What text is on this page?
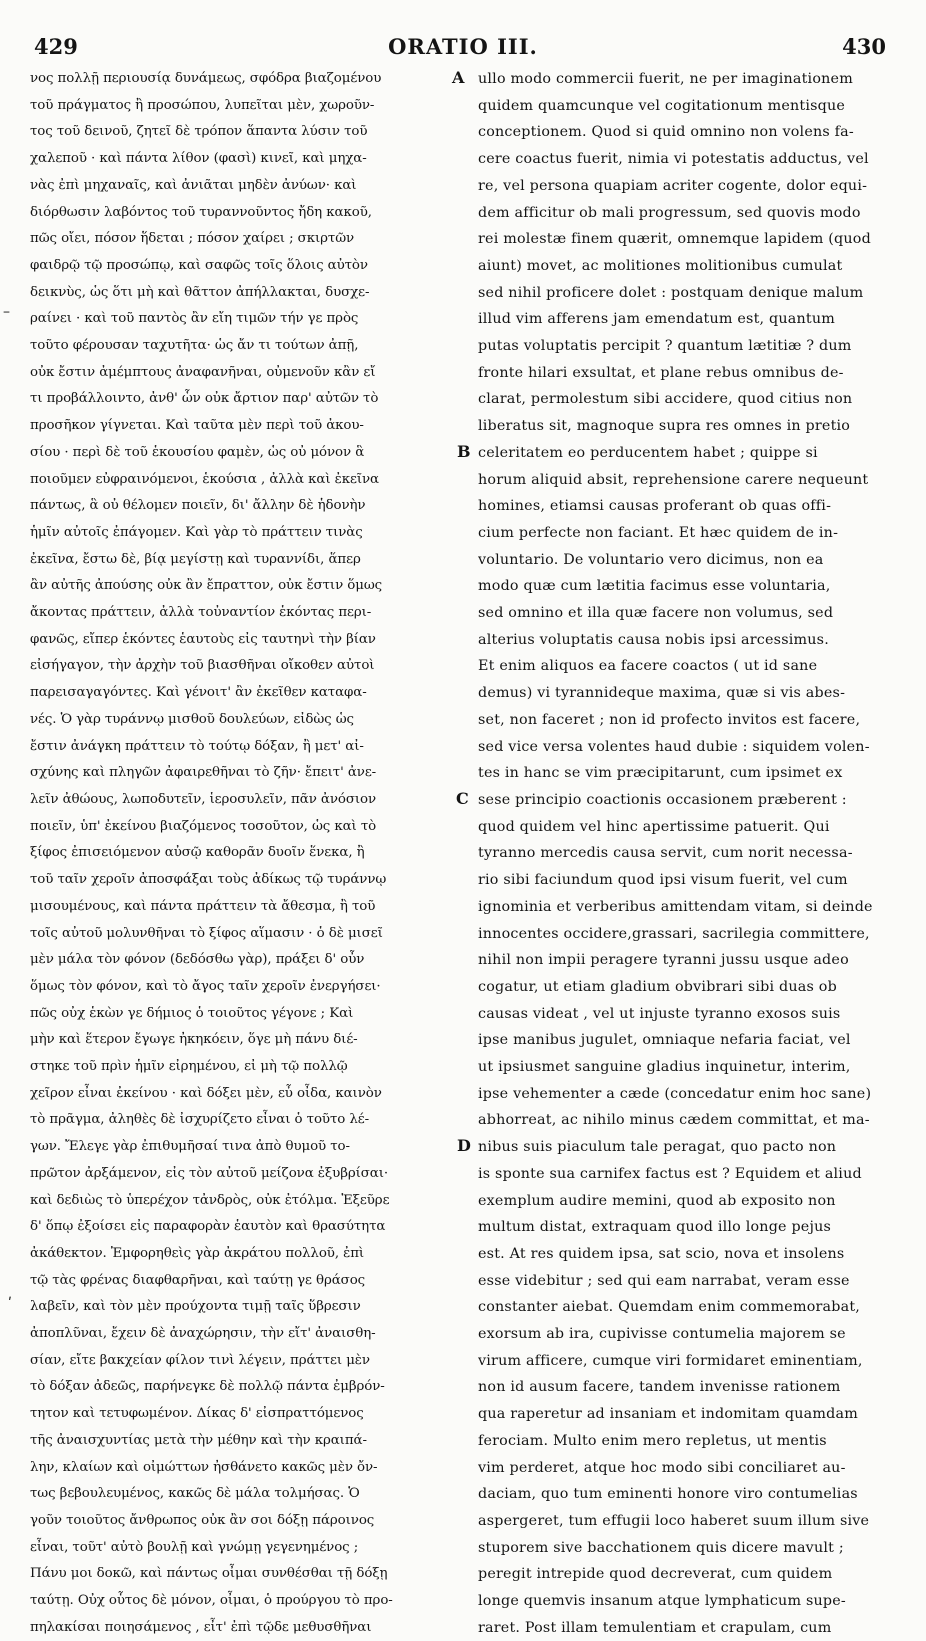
429	ORATIO III.	430
νος πολλῇ περιουσίᾳ δυνάμεως, σφόδρα βιαζομένου
τοῦ πράγματος ἢ προσώπου, λυπεῖται μὲν, χωροῦν-
τος τοῦ δεινοῦ, ζητεῖ δὲ τρόπον ἅπαντα λύσιν τοῦ
χαλεποῦ · καὶ πάντα λίθον (φασὶ) κινεῖ, καὶ μηχα-
νὰς ἐπὶ μηχαναῖς, καὶ ἀνιᾶται μηδὲν ἀνύων· καὶ
διόρθωσιν λαβόντος τοῦ τυραννοῦντος ἤδη κακοῦ,
πῶς οἴει, πόσον ἥδεται ; πόσον χαίρει ; σκιρτῶν
φαιδρῷ τῷ προσώπῳ, καὶ σαφῶς τοῖς ὅλοις αὐτὸν
δεικνὺς, ὡς ὅτι μὴ καὶ θᾶττον ἀπήλλακται, δυσχε-
ραίνει · καὶ τοῦ παντὸς ἂν εἴη τιμῶν τήν γε πρὸς
τοῦτο φέρουσαν ταχυτῆτα· ὡς ἄν τι τούτων ἀπῇ,
οὐκ ἔστιν ἀμέμπτους ἀναφανῆναι, οὐμενοῦν κἂν εἴ
τι προβάλλοιντο, ἀνθ' ὧν οὐκ ἄρτιον παρ' αὐτῶν τὸ
προσῆκον γίγνεται. Καὶ ταῦτα μὲν περὶ τοῦ ἀκου-
σίου · περὶ δὲ τοῦ ἑκουσίου φαμὲν, ὡς οὐ μόνον ἃ
ποιοῦμεν εὐφραινόμενοι, ἑκούσια , ἀλλὰ καὶ ἐκεῖνα
πάντως, ἃ οὐ θέλομεν ποιεῖν, δι' ἄλλην δὲ ἡδονὴν
ἡμῖν αὐτοῖς ἐπάγομεν. Καὶ γὰρ τὸ πράττειν τινὰς
ἐκεῖνα, ἔστω δὲ, βίᾳ μεγίστῃ καὶ τυραννίδι, ἅπερ
ἂν αὐτῆς ἀπούσης οὐκ ἂν ἔπραττον, οὐκ ἔστιν ὅμως
ἄκοντας πράττειν, ἀλλὰ τοὐναντίον ἑκόντας περι-
φανῶς, εἴπερ ἑκόντες ἑαυτοὺς εἰς ταυτηνὶ τὴν βίαν
εἰσήγαγον, τὴν ἀρχὴν τοῦ βιασθῆναι οἴκοθεν αὐτοὶ
παρεισαγαγόντες. Καὶ γένοιτ' ἂν ἐκεῖθεν καταφα-
νές. Ὁ γὰρ τυράννῳ μισθοῦ δουλεύων, εἰδὼς ὡς
ἔστιν ἀνάγκη πράττειν τὸ τούτῳ δόξαν, ἢ μετ' αἰ-
σχύνης καὶ πληγῶν ἀφαιρεθῆναι τὸ ζῆν· ἔπειτ' ἀνε-
λεῖν ἀθώους, λωποδυτεῖν, ἱεροσυλεῖν, πᾶν ἀνόσιον
ποιεῖν, ὑπ' ἐκείνου βιαζόμενος τοσοῦτον, ὡς καὶ τὸ
ξίφος ἐπισειόμενον αὐσῷ καθορᾶν δυοῖν ἕνεκα, ἢ
τοῦ ταῖν χεροῖν ἀποσφάξαι τοὺς ἀδίκως τῷ τυράννῳ
μισουμένους, καὶ πάντα πράττειν τὰ ἄθεσμα, ἢ τοῦ
τοῖς αὐτοῦ μολυνθῆναι τὸ ξίφος αἵμασιν · ὁ δὲ μισεῖ
μὲν μάλα τὸν φόνον (δεδόσθω γὰρ), πράξει δ' οὖν
ὅμως τὸν φόνον, καὶ τὸ ἄγος ταῖν χεροῖν ἐνεργήσει·
πῶς οὐχ ἑκὼν γε δήμιος ὁ τοιοῦτος γέγονε ; Καὶ
μὴν καὶ ἕτερον ἔγωγε ἠκηκόειν, ὅγε μὴ πάνυ διέ-
στηκε τοῦ πρὶν ἡμῖν εἰρημένου, εἰ μὴ τῷ πολλῷ
χεῖρον εἶναι ἐκείνου · καὶ δόξει μὲν, εὖ οἶδα, καινὸν
τὸ πρᾶγμα, ἀληθὲς δὲ ἰσχυρίζετο εἶναι ὁ τοῦτο λέ-
γων. Ἔλεγε γὰρ ἐπιθυμῆσαί τινα ἀπὸ θυμοῦ το-
πρῶτον ἀρξάμενον, εἰς τὸν αὐτοῦ μείζονα ἐξυβρίσαι·
καὶ δεδιὼς τὸ ὑπερέχον τἀνδρὸς, οὐκ ἐτόλμα. Ἐξεῦρε
δ' ὅπῳ ἐξοίσει εἰς παραφορὰν ἑαυτὸν καὶ θρασύτητα
ἀκάθεκτον. Ἐμφορηθεὶς γὰρ ἀκράτου πολλοῦ, ἐπὶ
τῷ τὰς φρένας διαφθαρῆναι, καὶ ταύτῃ γε θράσος
λαβεῖν, καὶ τὸν μὲν προύχοντα τιμῇ ταῖς ὕβρεσιν
ἀποπλῦναι, ἔχειν δὲ ἀναχώρησιν, τὴν εἴτ' ἀναισθη-
σίαν, εἴτε βακχείαν φίλον τινὶ λέγειν, πράττει μὲν
τὸ δόξαν ἀδεῶς, παρήνεγκε δὲ πολλῷ πάντα ἐμβρόν-
τητον καὶ τετυφωμένον. Δίκας δ' εἰσπραττόμενος
τῆς ἀναισχυντίας μετὰ τὴν μέθην καὶ τὴν κραιπά-
λην, κλαίων καὶ οἰμώττων ἠσθάνετο κακῶς μὲν ὄν-
τως βεβουλευμένος, κακῶς δὲ μάλα τολμήσας. Ὁ
γοῦν τοιοῦτος ἄνθρωπος οὐκ ἂν σοι δόξῃ πάροινος
εἶναι, τοῦτ' αὐτὸ βουλῇ καὶ γνώμῃ γεγενημένος ;
Πάνυ μοι δοκῶ, καὶ πάντως οἶμαι συνθέσθαι τῇ δόξῃ
ταύτῃ. Οὐχ οὗτος δὲ μόνον, οἶμαι, ὁ προύργου τὸ προ-
πηλακίσαι ποιησάμενος , εἶτ' ἐπὶ τῷδε μεθυσθῆναι
ullo modo commercii fuerit, ne per imaginationem
quidem quamcunque vel cogitationum mentisque
conceptionem. Quod si quid omnino non volens fa-
cere coactus fuerit, nimia vi potestatis adductus, vel
re, vel persona quapiam acriter cogente, dolor equi-
dem afficitur ob mali progressum, sed quovis modo
rei molestæ finem quærit, omnemque lapidem (quod
aiunt) movet, ac molitiones molitionibus cumulat
sed nihil proficere dolet : postquam denique malum
illud vim afferens jam emendatum est, quantum
putas voluptatis percipit ? quantum lætitiæ ? dum
fronte hilari exsultat, et plane rebus omnibus de-
clarat, permolestum sibi accidere, quod citius non
liberatus sit, magnoque supra res omnes in pretio
celeritatem eo perducentem habet ; quippe si
horum aliquid absit, reprehensione carere nequeunt
homines, etiamsi causas proferant ob quas offi-
cium perfecte non faciant. Et hæc quidem de in-
voluntario. De voluntario vero dicimus, non ea
modo quæ cum lætitia facimus esse voluntaria,
sed omnino et illa quæ facere non volumus, sed
alterius voluptatis causa nobis ipsi arcessimus.
Et enim aliquos ea facere coactos ( ut id sane
demus) vi tyrannideque maxima, quæ si vis abes-
set, non faceret ; non id profecto invitos est facere,
sed vice versa volentes haud dubie : siquidem volen-
tes in hanc se vim præcipitarunt, cum ipsimet ex
sese principio coactionis occasionem præberent :
quod quidem vel hinc apertissime patuerit. Qui
tyranno mercedis causa servit, cum norit necessa-
rio sibi faciundum quod ipsi visum fuerit, vel cum
ignominia et verberibus amittendam vitam, si deinde
innocentes occidere,grassari, sacrilegia committere,
nihil non impii peragere tyranni jussu usque adeo
cogatur, ut etiam gladium obvibrari sibi duas ob
causas videat , vel ut injuste tyranno exosos suis
ipse manibus jugulet, omniaque nefaria faciat, vel
ut ipsiusmet sanguine gladius inquinetur, interim,
ipse vehementer a cæde (concedatur enim hoc sane)
abhorreat, ac nihilo minus cædem committat, et ma-
nibus suis piaculum tale peragat, quo pacto non
is sponte sua carnifex factus est ? Equidem et aliud
exemplum audire memini, quod ab exposito non
multum distat, extraquam quod illo longe pejus
est. At res quidem ipsa, sat scio, nova et insolens
esse videbitur ; sed qui eam narrabat, veram esse
constanter aiebat. Quemdam enim commemorabat,
exorsum ab ira, cupivisse contumelia majorem se
virum afficere, cumque viri formidaret eminentiam,
non id ausum facere, tandem invenisse rationem
qua raperetur ad insaniam et indomitam quamdam
ferociam. Multo enim mero repletus, ut mentis
vim perderet, atque hoc modo sibi conciliaret au-
daciam, quo tum eminenti honore viro contumelias
aspergeret, tum effugii loco haberet suum illum sive
stuporem sive bacchationem quis dicere mavult ;
peregit intrepide quod decreverat, cum quidem
longe quemvis insanum atque lymphaticum supe-
raret. Post illam temulentiam et crapulam, cum
A
B
C
D
–
ʹ
